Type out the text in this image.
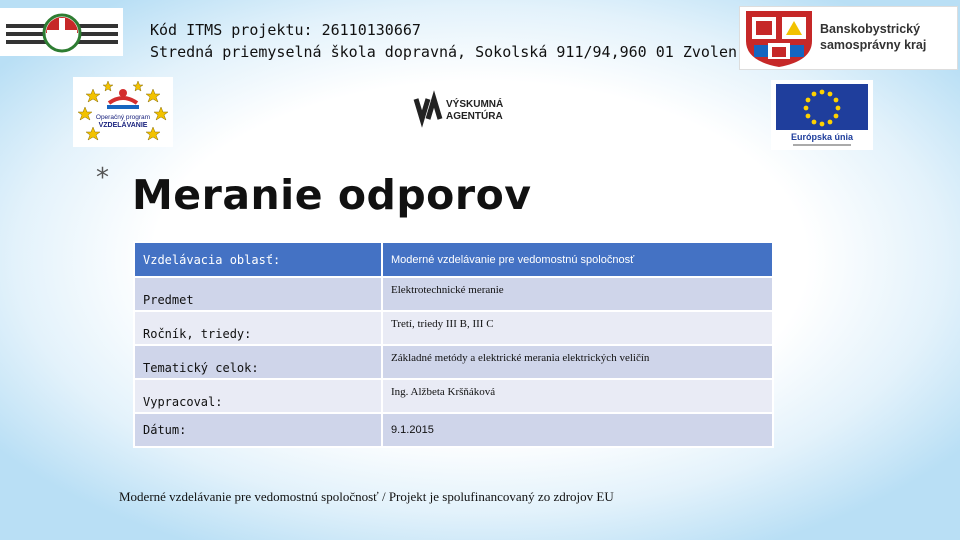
Kód ITMS projektu: 26110130667
Stredná priemyselná škola dopravná, Sokolská 911/94,960 01 Zvolen
Operačný program
VZDELÁVANIE
VÝSKUMNÁ
AGENTÚRA
Banskobystrický
samosprávny kraj
Európska únia
* Meranie odporov
Vzdelávacia oblasť:	Moderné vzdelávanie pre vedomostnú spoločnosť
Predmet	Elektrotechnické meranie
Ročník, triedy:	Tretí, triedy III B, III C
Tematický celok:	Základné metódy a elektrické merania elektrických veličín
Vypracoval:	Ing. Alžbeta Kršňáková
Dátum:	9.1.2015
Moderné vzdelávanie pre vedomostnú spoločnosť / Projekt je spolufinancovaný zo zdrojov EU
